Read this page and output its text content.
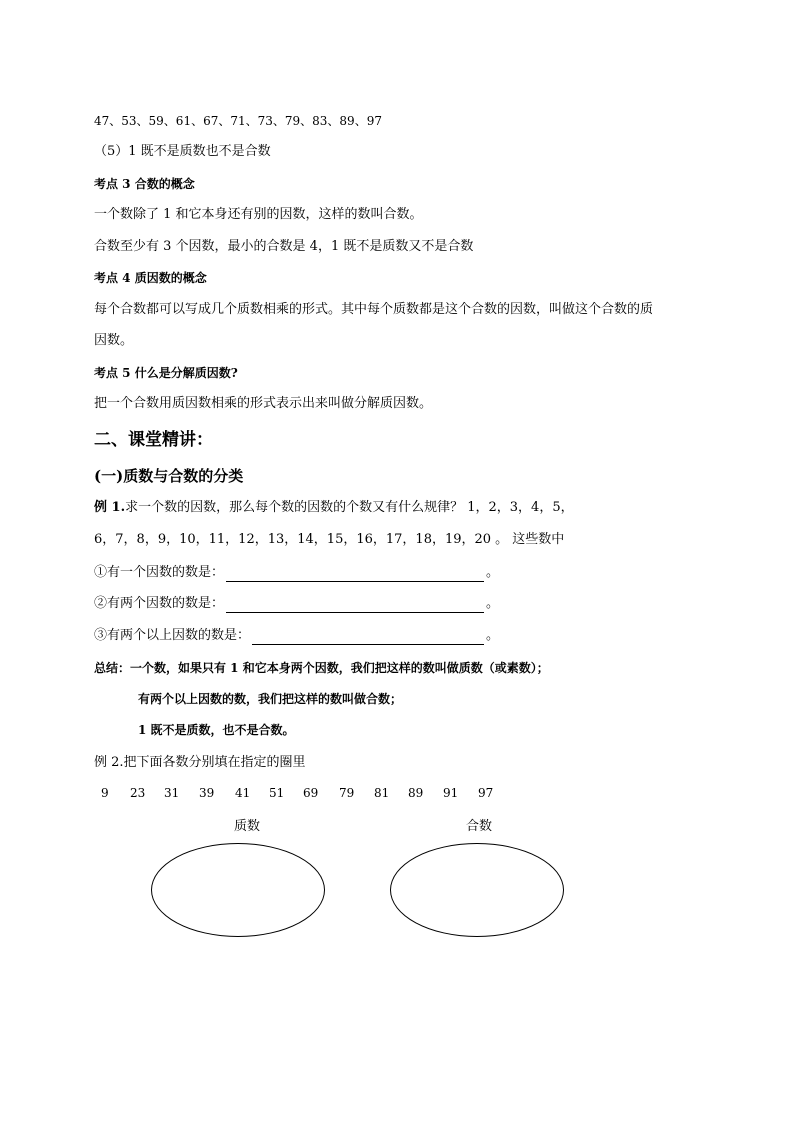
47、53、59、61、67、71、73、79、83、89、97
（5）1 既不是质数也不是合数
考点 3 合数的概念
一个数除了 1 和它本身还有别的因数，这样的数叫合数。
合数至少有 3 个因数，最小的合数是 4，1 既不是质数又不是合数
考点 4 质因数的概念
每个合数都可以写成几个质数相乘的形式。其中每个质数都是这个合数的因数，叫做这个合数的质
因数。
考点 5 什么是分解质因数?
把一个合数用质因数相乘的形式表示出来叫做分解质因数。
二、课堂精讲：
(一)质数与合数的分类
例 1.求一个数的因数，那么每个数的因数的个数又有什么规律？ 1，2，3，4，5，
6，7，8，9，10，11，12，13，14，15，16，17，18，19，20 。 这些数中
①有一个因数的数是：	。
②有两个因数的数是：	。
③有两个以上因数的数是：	。
总结：一个数，如果只有 1 和它本身两个因数，我们把这样的数叫做质数（或素数）；
有两个以上因数的数，我们把这样的数叫做合数；
1 既不是质数，也不是合数。
例 2.把下面各数分别填在指定的圈里
9 23 31 39 41 51 69 79 81 89 91 97
质数	合数
